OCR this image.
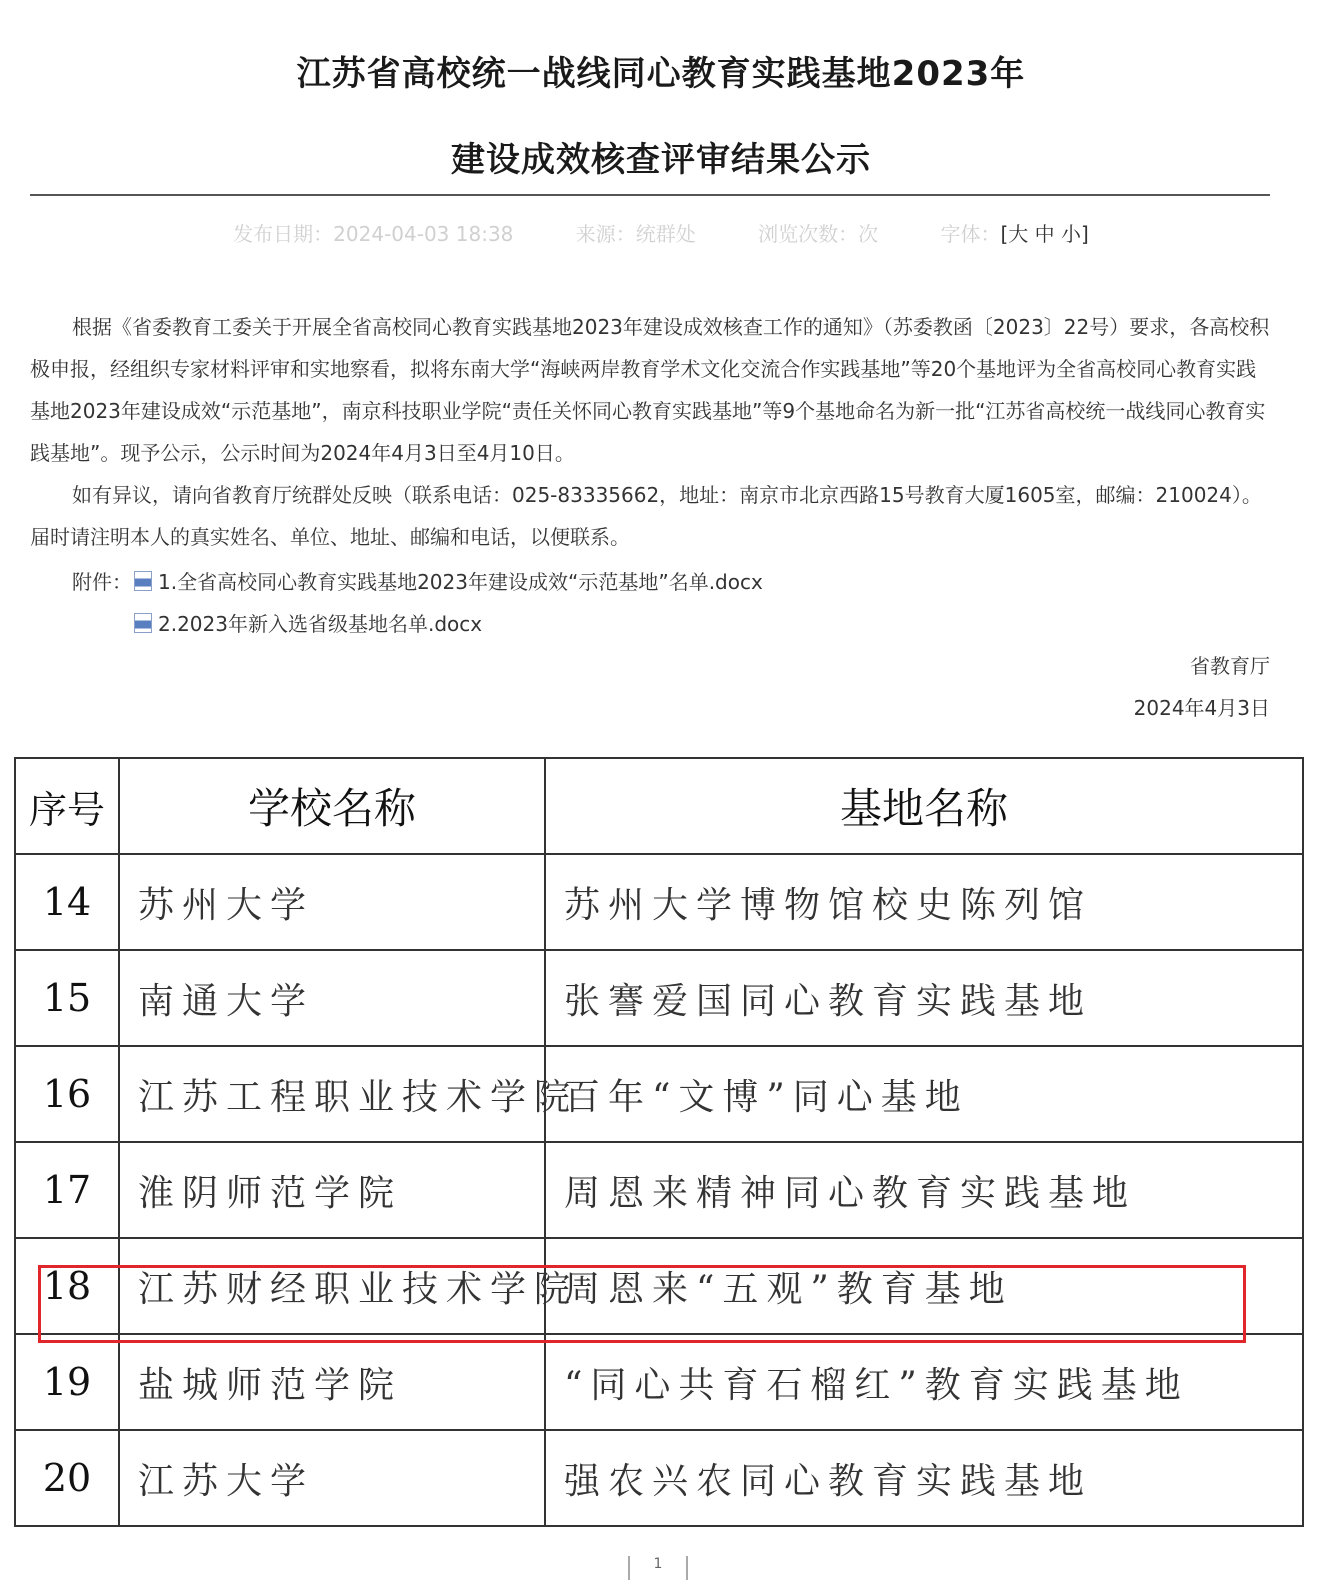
江苏省高校统一战线同心教育实践基地2023年
建设成效核查评审结果公示
发布日期：2024-04-03 18:38	来源：统群处	浏览次数：次	字体：[大 中 小]
根据《省委教育工委关于开展全省高校同心教育实践基地2023年建设成效核查工作的通知》（苏委教函〔2023〕22号）要求，各高校积极申报，经组织专家材料评审和实地察看，拟将东南大学“海峡两岸教育学术文化交流合作实践基地”等20个基地评为全省高校同心教育实践基地2023年建设成效“示范基地”，南京科技职业学院“责任关怀同心教育实践基地”等9个基地命名为新一批“江苏省高校统一战线同心教育实践基地”。现予公示，公示时间为2024年4月3日至4月10日。
如有异议，请向省教育厅统群处反映（联系电话：025-83335662，地址：南京市北京西路15号教育大厦1605室，邮编：210024）。届时请注明本人的真实姓名、单位、地址、邮编和电话，以便联系。
附件：	1.全省高校同心教育实践基地2023年建设成效“示范基地”名单.docx
2.2023年新入选省级基地名单.docx
省教育厅
2024年4月3日
序号	学校名称	基地名称
14	苏州大学	苏州大学博物馆校史陈列馆
15	南通大学	张謇爱国同心教育实践基地
16	江苏工程职业技术学院	百年“文博”同心基地
17	淮阴师范学院	周恩来精神同心教育实践基地
18	江苏财经职业技术学院	周恩来“五观”教育基地
19	盐城师范学院	“同心共育石榴红”教育实践基地
20	江苏大学	强农兴农同心教育实践基地
1
